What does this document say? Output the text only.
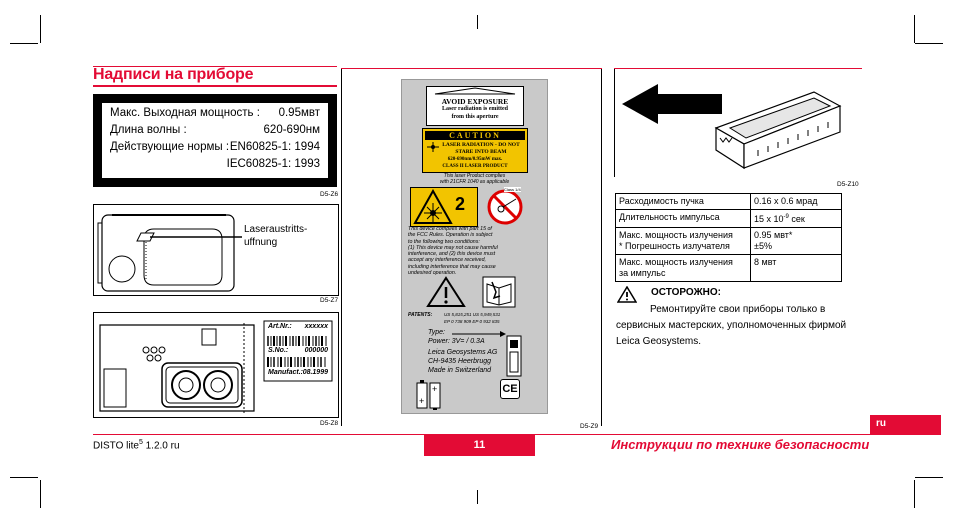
Надписи на приборе
Макс. Выходная мощность : 0.95мвт
Длина волны :	620-690нм
Действующие нормы : EN60825-1: 1994
IEC60825-1: 1993
D5-Z6
Laseraustritts-
uffnung
D5-Z7
Art.Nr.: xxxxxx
S.No.: 000000
Manufact.: 08.1999
D5-Z8
AVOID EXPOSURE
Laser radiation is emitted
from this aperture
CAUTION
LASER RADIATION - DO NOT
STARE INTO BEAM
620-690nm/0.95mW max.
CLASS II LASER PRODUCT
This laser Product complies
with 21CFR 1040 as applicable
2
Class 1/4
This device complies with part 15 of
the FCC Rules. Operation is subject
to the following two conditions:
(1) This device may not cause harmful
interference, and (2) this device must
accept any interference received,
including interference that may cause
undesired operation.
PATENTS:	US 5,815,251 US 5,949,531
EP 0 738 909 EP 0 932 835
Type:
Power: 3V= / 0.3A
Leica Geosystems AG
CH-9435 Heerbrugg
Made in Switzerland
+
+	CE
D5-Z9
D5-Z10
Расходимость пучка	0.16 x 0.6 мрад
Длительность импульса	15 x $10^{-9}$ сек
Макс. мощность излучения
* Погрешность излучателя	0.95 мвт*
±5%
Макс. мощность излучения
за импульс	8 мвт
ОСТОРОЖНО:
Ремонтируйте свои приборы только в сервисных мастерских, уполномоченных фирмой Leica Geosystems.
ru
DISTO lite$^5$ 1.2.0 ru	11	Инструкции по технике безопасности
